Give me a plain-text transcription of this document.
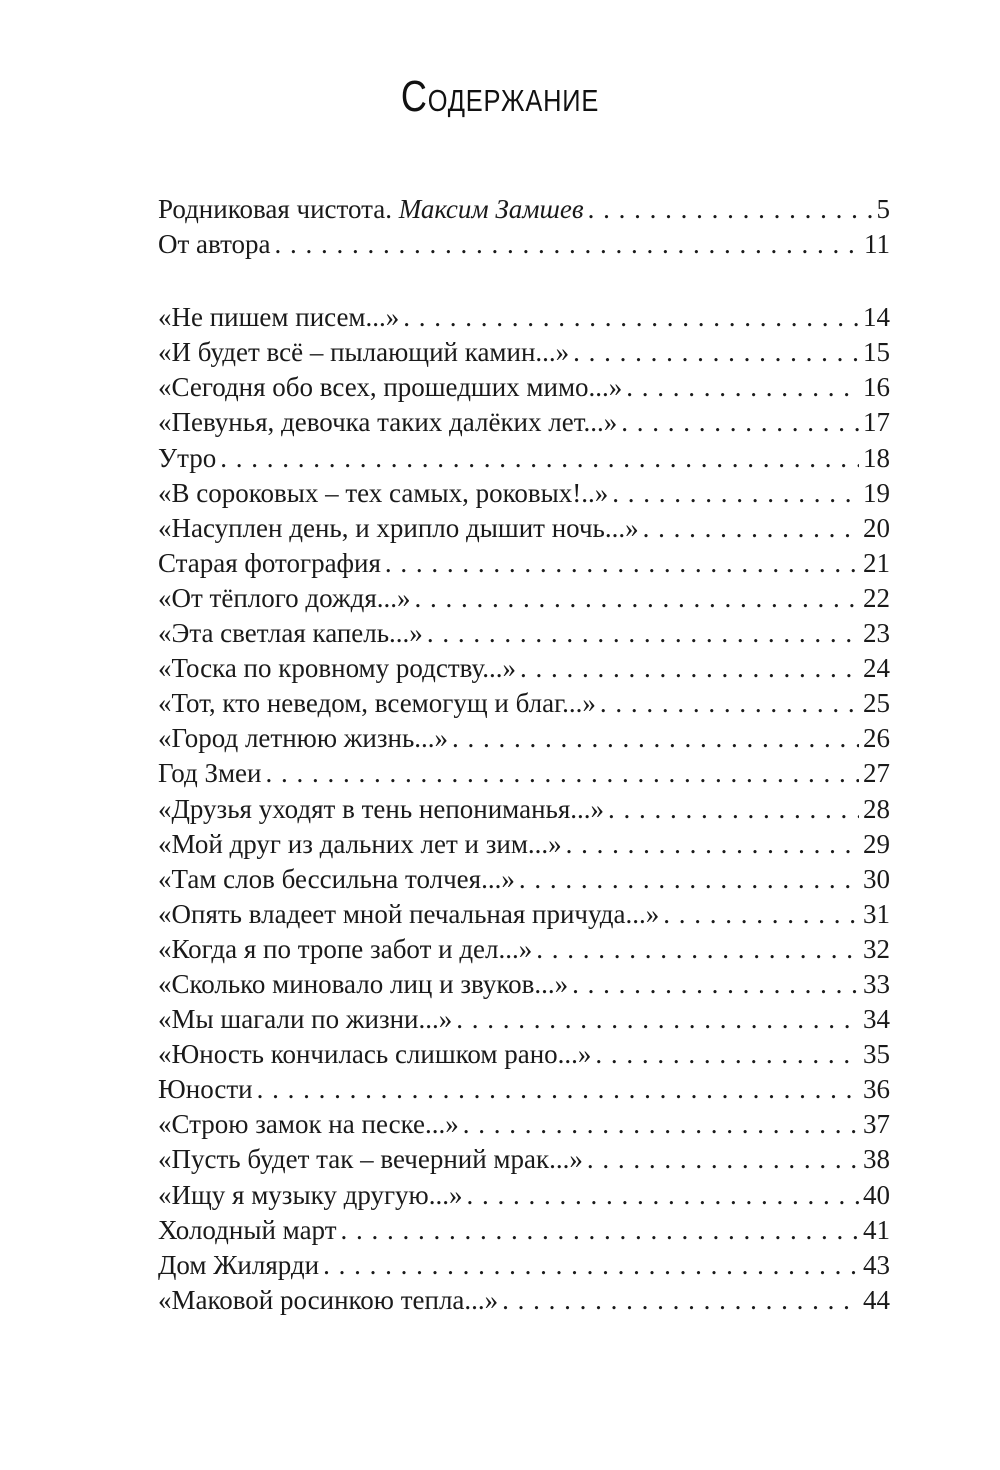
Содержание
Родниковая чистота. Максим Замшев . . .	5
От автора . . .	11
«Не пишем писем...» . . .	14
«И будет всё – пылающий камин...» . . .	15
«Сегодня обо всех, прошедших мимо...» . . .	16
«Певунья, девочка таких далёких лет...» . . .	17
Утро . . .	18
«В сороковых – тех самых, роковых!..» . . .	19
«Насуплен день, и хрипло дышит ночь...» . . .	20
Старая фотография . . .	21
«От тёплого дождя...» . . .	22
«Эта светлая капель...» . . .	23
«Тоска по кровному родству...» . . .	24
«Тот, кто неведом, всемогущ и благ...» . . .	25
«Город летнюю жизнь...» . . .	26
Год Змеи . . .	27
«Друзья уходят в тень непониманья...» . . .	28
«Мой друг из дальних лет и зим...» . . .	29
«Там слов бессильна толчея...» . . .	30
«Опять владеет мной печальная причуда...» . . .	31
«Когда я по тропе забот и дел...» . . .	32
«Сколько миновало лиц и звуков...» . . .	33
«Мы шагали по жизни...» . . .	34
«Юность кончилась слишком рано...» . . .	35
Юности . . .	36
«Строю замок на песке...» . . .	37
«Пусть будет так – вечерний мрак...» . . .	38
«Ищу я музыку другую...» . . .	40
Холодный март . . .	41
Дом Жилярди . . .	43
«Маковой росинкою тепла...» . . .	44
